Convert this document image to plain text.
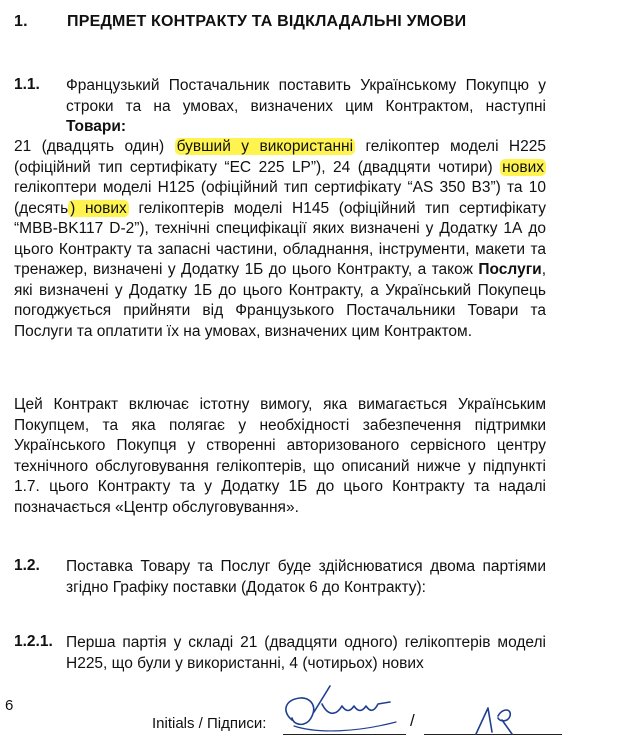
1. ПРЕДМЕТ КОНТРАКТУ ТА ВІДКЛАДАЛЬНІ УМОВИ
1.1. Французький Постачальник поставить Українському Покупцю у строки та на умовах, визначених цим Контрактом, наступні Товари:
21 (двадцять один) бувший у використанні гелікоптер моделі H225 (офіційний тип сертифікату “EC 225 LP”), 24 (двадцяти чотири) нових гелікоптери моделі H125 (офіційний тип сертифікату “AS 350 B3”) та 10 (десять ) нових гелікоптерів моделі H145 (офіційний тип сертифікату “MBB-BK117 D-2”), технічні специфікації яких визначені у Додатку 1А до цього Контракту та запасні частини, обладнання, інструменти, макети та тренажер, визначені у Додатку 1Б до цього Контракту, а також Послуги, які визначені у Додатку 1Б до цього Контракту, а Український Покупець погоджується прийняти від Французького Постачальники Товари та Послуги та оплатити їх на умовах, визначених цим Контрактом.
Цей Контракт включає істотну вимогу, яка вимагається Українським Покупцем, та яка полягає у необхідності забезпечення підтримки Українського Покупця у створенні авторизованого сервісного центру технічного обслуговування гелікоптерів, що описаний нижче у підпункті 1.7. цього Контракту та у Додатку 1Б до цього Контракту та надалі позначається «Центр обслуговування».
1.2. Поставка Товару та Послуг буде здійснюватися двома партіями згідно Графіку поставки (Додаток 6 до Контракту):
1.2.1. Перша партія у складі 21 (двадцяти одного) гелікоптерів моделі H225, що були у використанні, 4 (чотирьох) нових
6
Initials / Підписи:	/
